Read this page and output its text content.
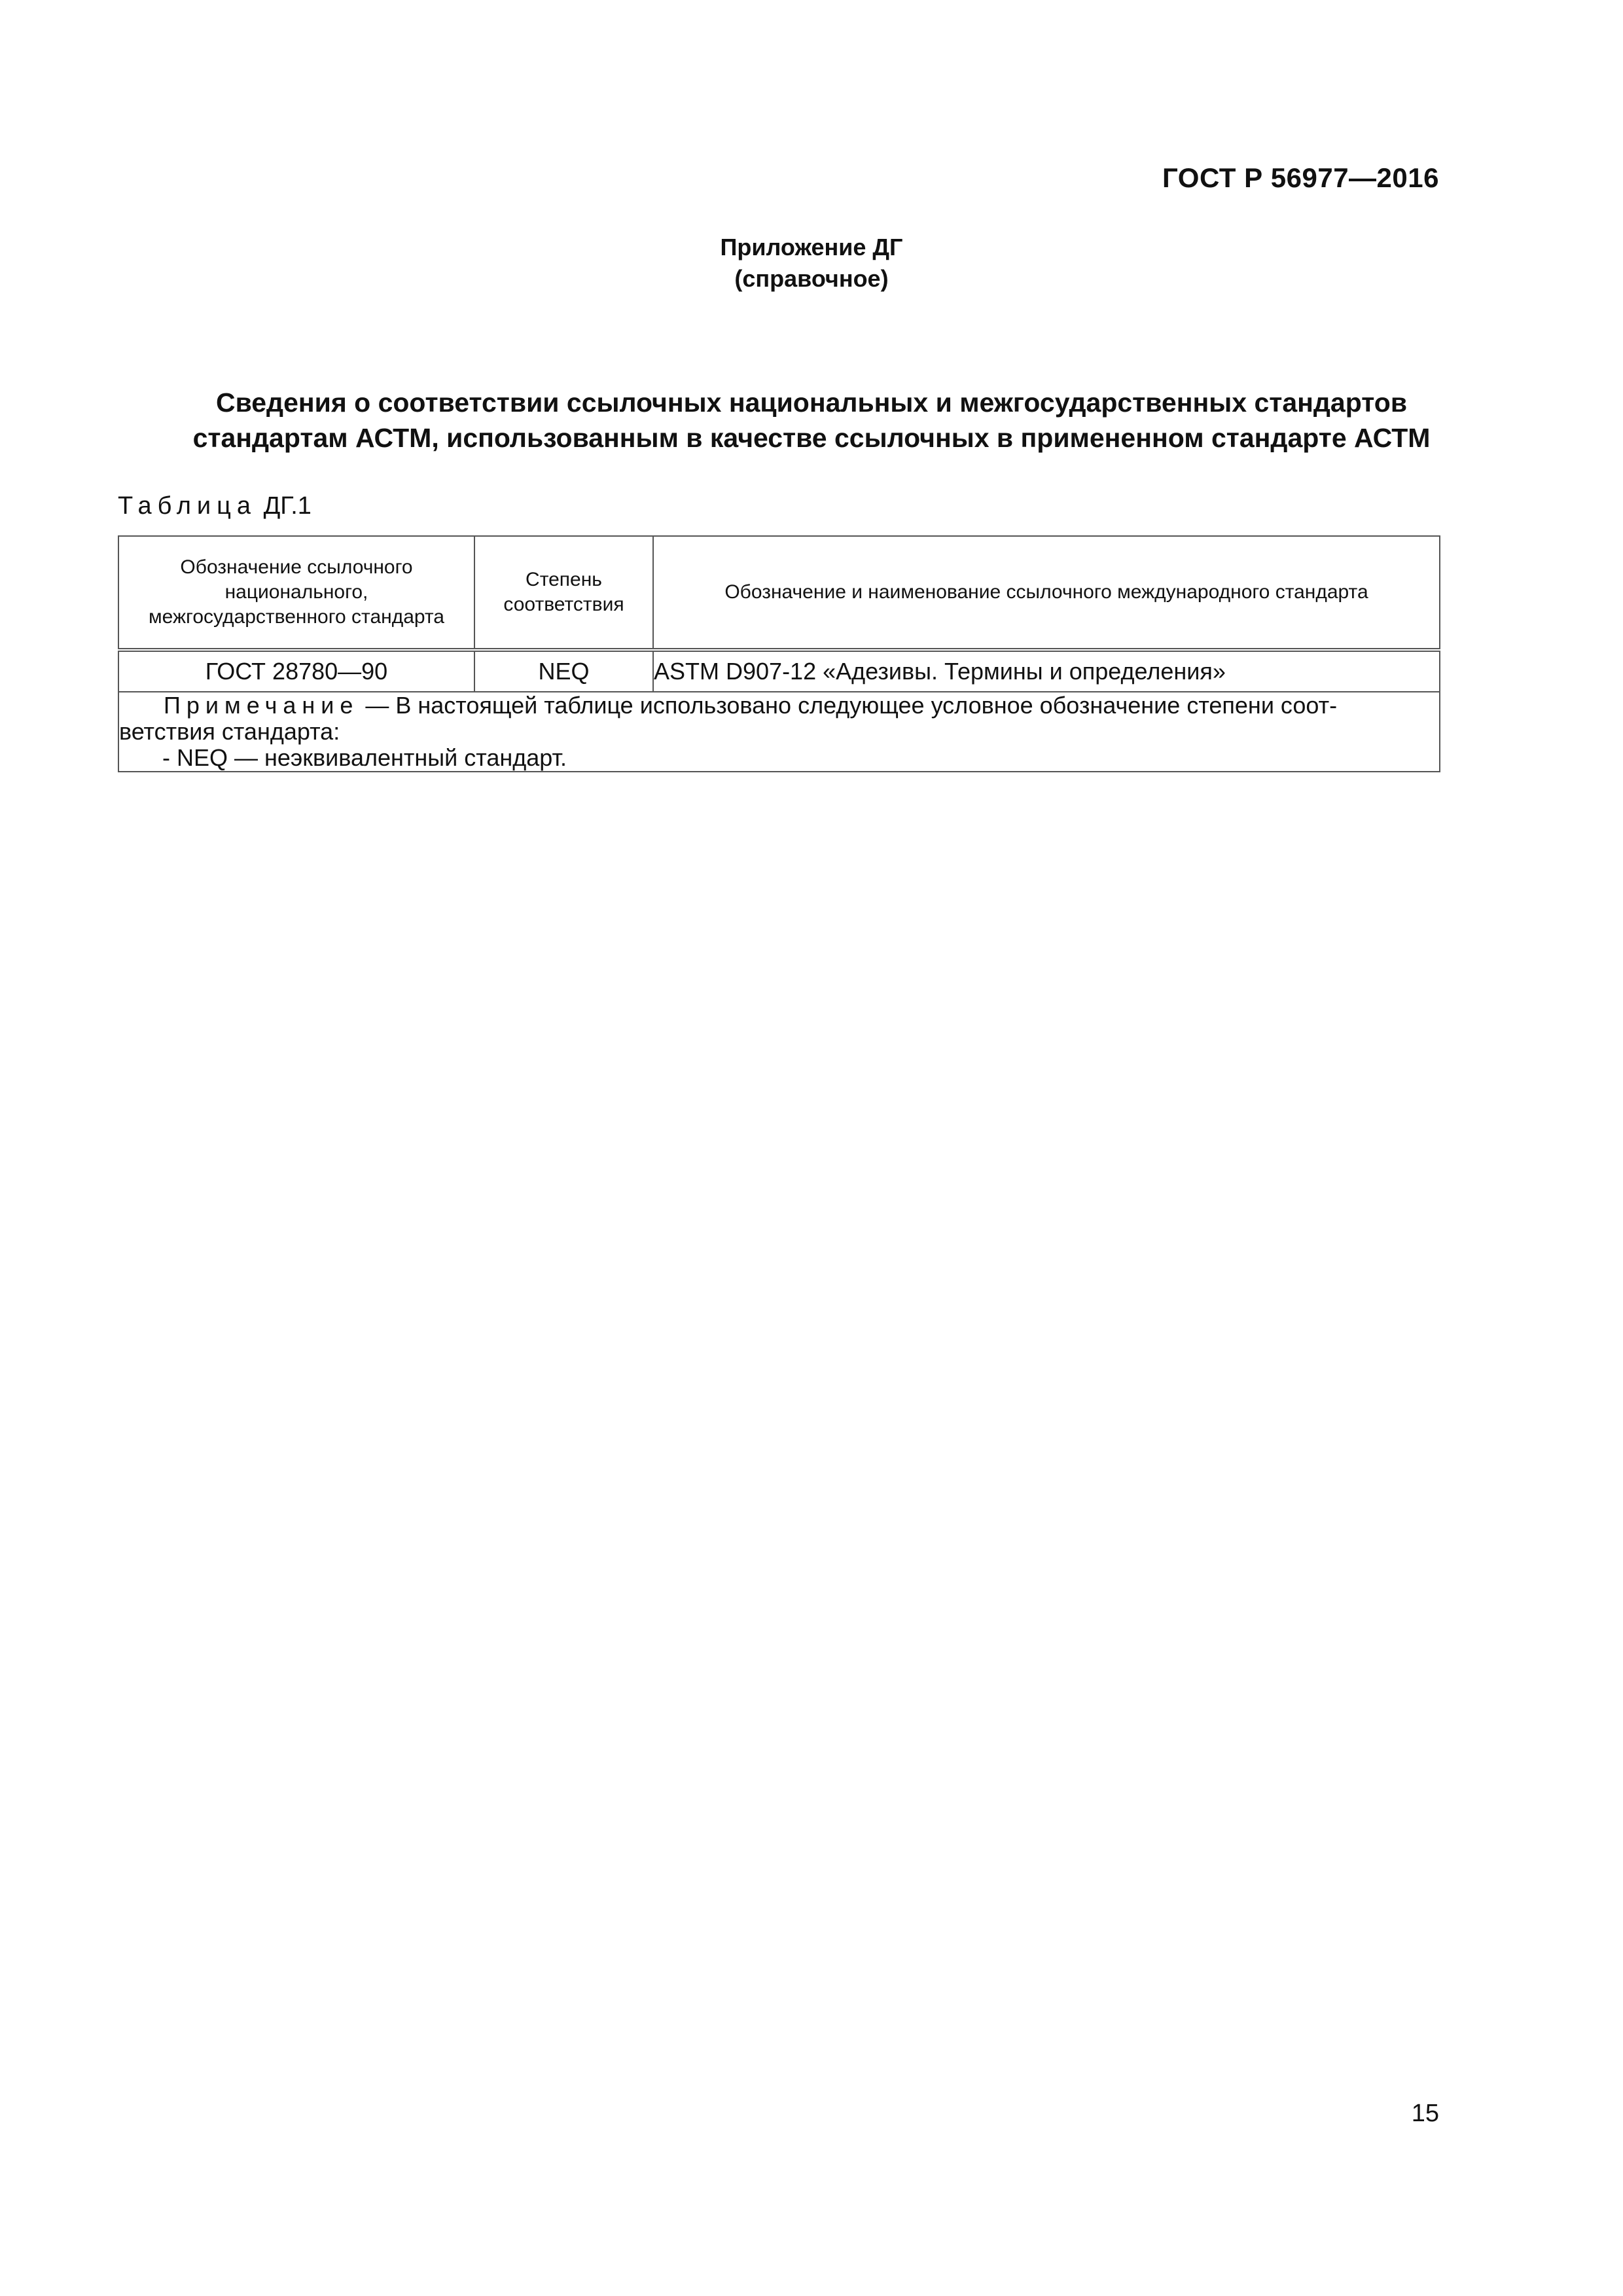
ГОСТ Р 56977—2016
Приложение ДГ
(справочное)
Сведения о соответствии ссылочных национальных и межгосударственных стандартов
стандартам АСТМ, использованным в качестве ссылочных в примененном стандарте АСТМ
Таблица ДГ.1
Обозначение ссылочного национального, межгосударственного стандарта	Степень соответствия	Обозначение и наименование ссылочного международного стандарта
ГОСТ 28780—90	NEQ	ASTM D907-12 «Адезивы. Термины и определения»

Примечание — В настоящей таблице использовано следующее условное обозначение степени соот-
ветствия стандарта:
- NEQ — неэквивалентный стандарт.		
15
